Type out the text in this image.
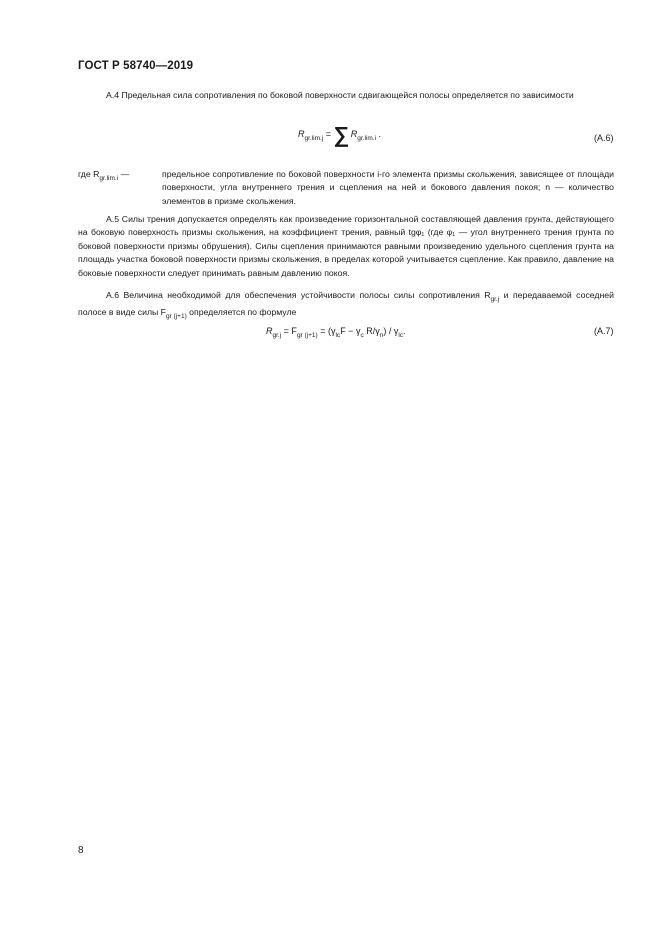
ГОСТ Р 58740—2019
А.4 Предельная сила сопротивления по боковой поверхности сдвигающейся полосы определяется по зависимости
$R_{gr.lim.j}$ = ∑ $R_{gr.lim.i}$ .	(А.6)
где $R_{gr.lim.i}$ —	предельное сопротивление по боковой поверхности i-го элемента призмы скольжения, зависящее от площади поверхности, угла внутреннего трения и сцепления на ней и бокового давления покоя; n — количество элементов в призме скольжения.
А.5 Силы трения допускается определять как произведение горизонтальной составляющей давления грунта, действующего на боковую поверхность призмы скольжения, на коэффициент трения, равный tgφ₁ (где φ₁ — угол внутреннего трения грунта по боковой поверхности призмы обрушения). Силы сцепления принимаются равными произведению удельного сцепления грунта на площадь участка боковой поверхности призмы скольжения, в пределах которой учитывается сцепление. Как правило, давление на боковые поверхности следует принимать равным давлению покоя.
А.6 Величина необходимой для обеспечения устойчивости полосы силы сопротивления $R_{gr.j}$ и передаваемой соседней полосе в виде силы $F_{gr (j+1)}$ определяется по формуле
$R_{gr.j} = F_{gr (j+1)} = (\gamma_{lc}F - \gamma_c$ $R/\gamma_n) / \gamma_{lc}$.	(А.7)
8
